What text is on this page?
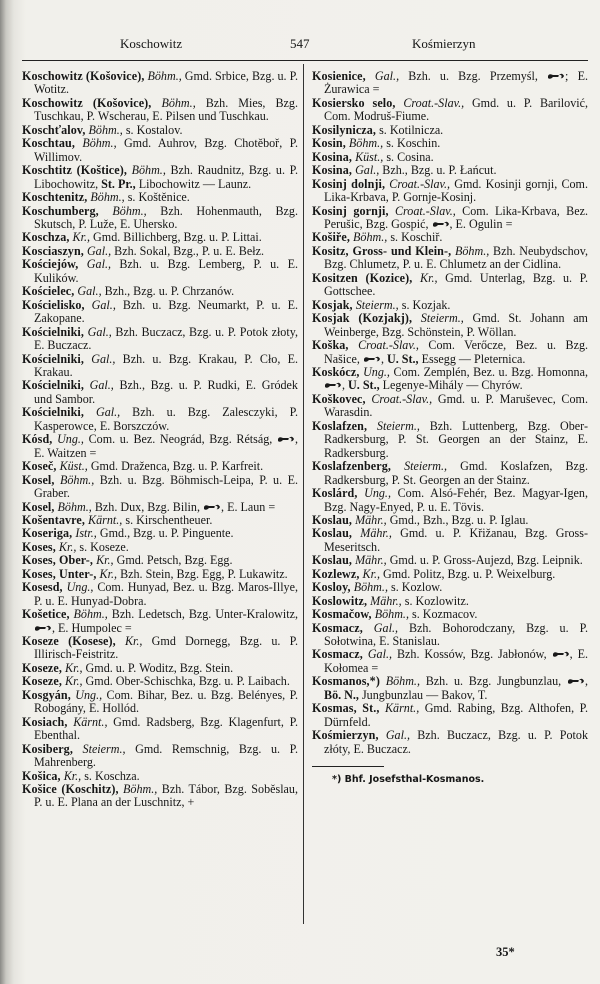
Koschowitz	547	Kośmierzyn
Koschowitz (Košovice), Böhm., Gmd. Srbice, Bzg. u. P. Wotitz.
Koschowitz (Košovice), Böhm., Bzh. Mies, Bzg. Tuschkau, P. Wscherau, E. Pilsen und Tuschkau.
Koschťalov, Böhm., s. Kostalov.
Koschtau, Böhm., Gmd. Auhrov, Bzg. Chotěboř, P. Willimov.
Koschtitz (Koštice), Böhm., Bzh. Raudnitz, Bzg. u. P. Libochowitz, St. Pr., Libochowitz — Launz.
Koschtenitz, Böhm., s. Koštěnice.
Koschumberg, Böhm., Bzh. Hohenmauth, Bzg. Skutsch, P. Luže, E. Uhersko.
Koschza, Kr., Gmd. Billichberg, Bzg. u. P. Littai.
Kosciaszyn, Gal., Bzh. Sokal, Bzg., P. u. E. Bełz.
Kościejów, Gal., Bzh. u. Bzg. Lemberg, P. u. E. Kulików.
Kościelec, Gal., Bzh., Bzg. u. P. Chrzanów.
Kościelisko, Gal., Bzh. u. Bzg. Neumarkt, P. u. E. Zakopane.
Kościelniki, Gal., Bzh. Buczacz, Bzg. u. P. Potok złoty, E. Buczacz.
Kościelniki, Gal., Bzh. u. Bzg. Krakau, P. Cło, E. Krakau.
Kościelniki, Gal., Bzh., Bzg. u. P. Rudki, E. Gródek und Sambor.
Kościelniki, Gal., Bzh. u. Bzg. Zalesczyki, P. Kasperowce, E. Borszczów.
Kósd, Ung., Com. u. Bez. Neográd, Bzg. Rétság, , E. Waitzen =
Koseč, Küst., Gmd. Draženca, Bzg. u. P. Karfreit.
Kosel, Böhm., Bzh. u. Bzg. Böhmisch-Leipa, P. u. E. Graber.
Kosel, Böhm., Bzh. Dux, Bzg. Bilin, , E. Laun =
Košentavre, Kärnt., s. Kirschentheuer.
Koseriga, Istr., Gmd., Bzg. u. P. Pinguente.
Koses, Kr., s. Koseze.
Koses, Ober-, Kr., Gmd. Petsch, Bzg. Egg.
Koses, Unter-, Kr., Bzh. Stein, Bzg. Egg, P. Lukawitz.
Kosesd, Ung., Com. Hunyad, Bez. u. Bzg. Maros-Illye, P. u. E. Hunyad-Dobra.
Košetice, Böhm., Bzh. Ledetsch, Bzg. Unter-Kralowitz, , E. Humpolec =
Koseze (Kosese), Kr., Gmd Dornegg, Bzg. u. P. Illirisch-Feistritz.
Koseze, Kr., Gmd. u. P. Woditz, Bzg. Stein.
Koseze, Kr., Gmd. Ober-Schischka, Bzg. u. P. Laibach.
Kosgyán, Ung., Com. Bihar, Bez. u. Bzg. Belényes, P. Robogány, E. Hollód.
Kosiach, Kärnt., Gmd. Radsberg, Bzg. Klagenfurt, P. Ebenthal.
Kosiberg, Steierm., Gmd. Remschnig, Bzg. u. P. Mahrenberg.
Košica, Kr., s. Koschza.
Košice (Koschitz), Böhm., Bzh. Tábor, Bzg. Soběslau, P. u. E. Plana an der Luschnitz, +
Kosienice, Gal., Bzh. u. Bzg. Przemyśl, ; E. Żurawica =
Kosiersko selo, Croat.-Slav., Gmd. u. P. Barilović, Com. Modruš-Fiume.
Kosilynicza, s. Kotilnicza.
Kosin, Böhm., s. Koschin.
Kosina, Küst., s. Cosina.
Kosina, Gal., Bzh., Bzg. u. P. Łańcut.
Kosinj dolnji, Croat.-Slav., Gmd. Kosinji gornji, Com. Lika-Krbava, P. Gornje-Kosinj.
Kosinj gornji, Croat.-Slav., Com. Lika-Krbava, Bez. Perušic, Bzg. Gospić, , E. Ogulin =
Košiře, Böhm., s. Koschiř.
Kositz, Gross- und Klein-, Böhm., Bzh. Neubydschov, Bzg. Chlumetz, P. u. E. Chlumetz an der Cidlina.
Kositzen (Kozice), Kr., Gmd. Unterlag, Bzg. u. P. Gottschee.
Kosjak, Steierm., s. Kozjak.
Kosjak (Kozjakj), Steierm., Gmd. St. Johann am Weinberge, Bzg. Schönstein, P. Wöllan.
Koška, Croat.-Slav., Com. Verőcze, Bez. u. Bzg. Našice, , U. St., Essegg — Pleternica.
Koskócz, Ung., Com. Zemplén, Bez. u. Bzg. Homonna, , U. St., Legenye-Mihály — Chyrów.
Koškovec, Croat.-Slav., Gmd. u. P. Maruševec, Com. Warasdin.
Koslafzen, Steierm., Bzh. Luttenberg, Bzg. Ober-Radkersburg, P. St. Georgen an der Stainz, E. Radkersburg.
Koslafzenberg, Steierm., Gmd. Koslafzen, Bzg. Radkersburg, P. St. Georgen an der Stainz.
Koslárd, Ung., Com. Alsó-Fehér, Bez. Magyar-Igen, Bzg. Nagy-Enyed, P. u. E. Tövis.
Koslau, Mähr., Gmd., Bzh., Bzg. u. P. Iglau.
Koslau, Mähr., Gmd. u. P. Křižanau, Bzg. Gross-Meseritsch.
Koslau, Mähr., Gmd. u. P. Gross-Aujezd, Bzg. Leipnik.
Kozlewz, Kr., Gmd. Politz, Bzg. u. P. Weixelburg.
Kosloy, Böhm., s. Kozlow.
Koslowitz, Mähr., s. Kozlowitz.
Kosmačow, Böhm., s. Kozmacov.
Kosmacz, Gal., Bzh. Bohorodczany, Bzg. u. P. Sołotwina, E. Stanislau.
Kosmacz, Gal., Bzh. Kossów, Bzg. Jabłonów, , E. Kołomea =
Kosmanos,*) Böhm., Bzh. u. Bzg. Jungbunzlau, , Bö. N., Jungbunzlau — Bakov, T.
Kosmas, St., Kärnt., Gmd. Rabing, Bzg. Althofen, P. Dürnfeld.
Kośmierzyn, Gal., Bzh. Buczacz, Bzg. u. P. Potok złóty, E. Buczacz.
*) Bhf. Josefsthal-Kosmanos.
35*
